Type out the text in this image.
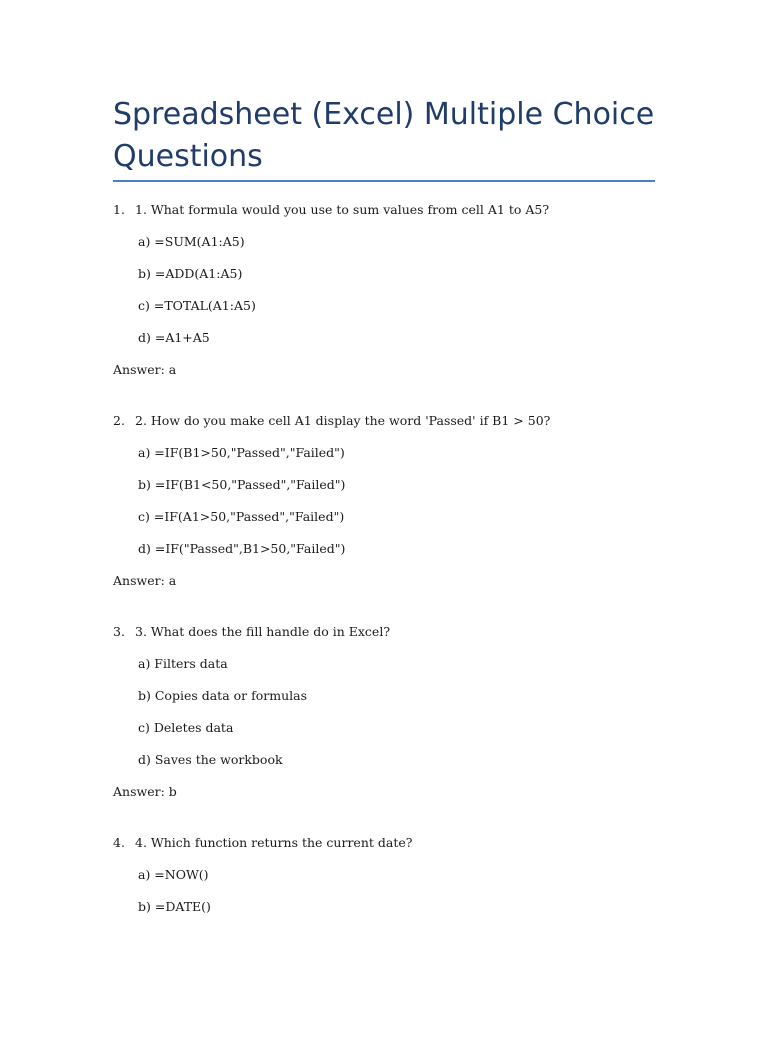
Spreadsheet (Excel) Multiple Choice Questions
1. 1. What formula would you use to sum values from cell A1 to A5?
a) =SUM(A1:A5)
b) =ADD(A1:A5)
c) =TOTAL(A1:A5)
d) =A1+A5
Answer: a
2. 2. How do you make cell A1 display the word 'Passed' if B1 > 50?
a) =IF(B1>50,"Passed","Failed")
b) =IF(B1<50,"Passed","Failed")
c) =IF(A1>50,"Passed","Failed")
d) =IF("Passed",B1>50,"Failed")
Answer: a
3. 3. What does the fill handle do in Excel?
a) Filters data
b) Copies data or formulas
c) Deletes data
d) Saves the workbook
Answer: b
4. 4. Which function returns the current date?
a) =NOW()
b) =DATE()
